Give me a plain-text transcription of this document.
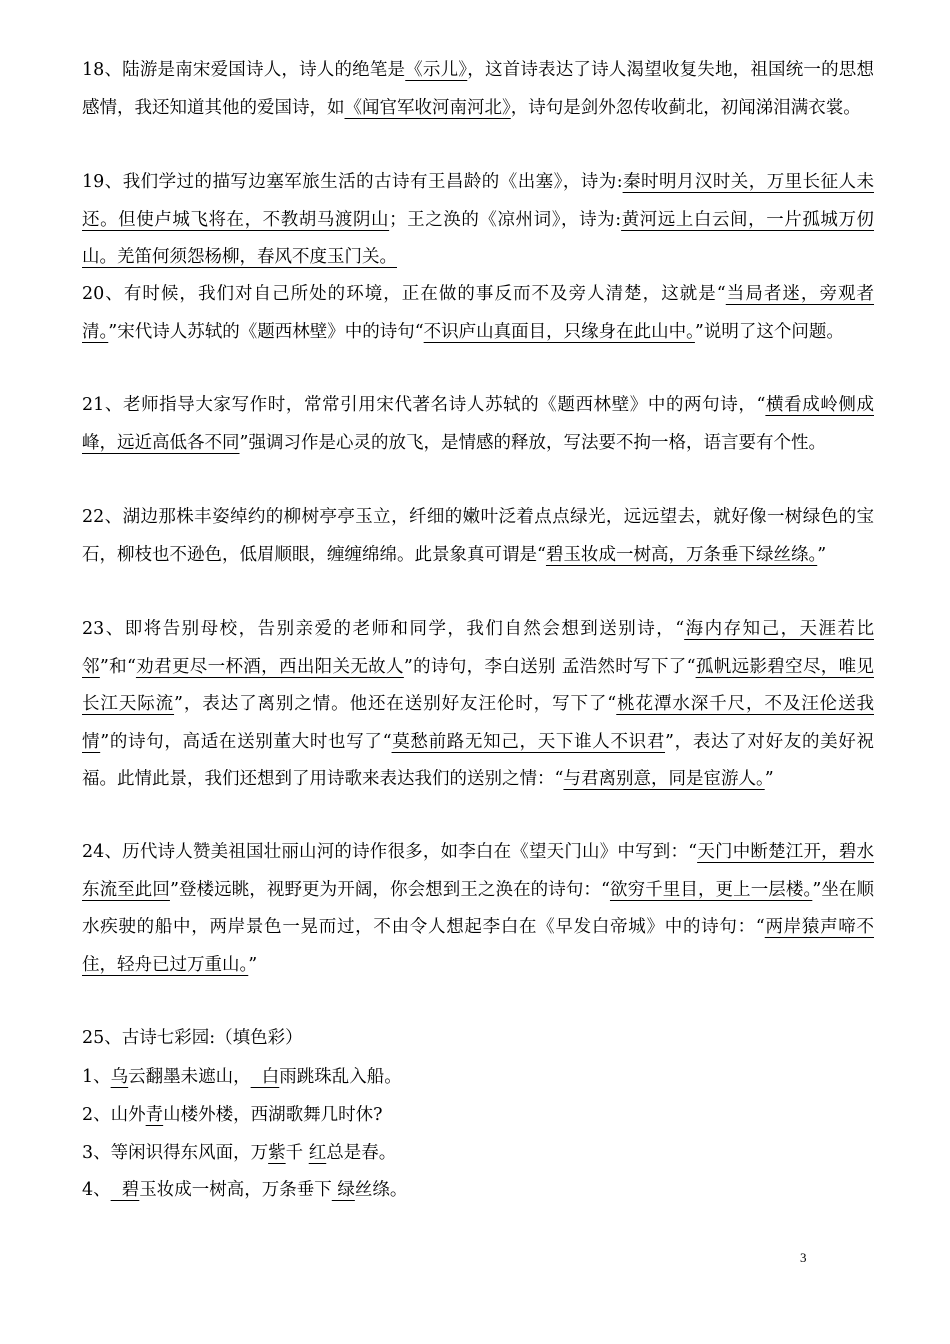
18、陆游是南宋爱国诗人，诗人的绝笔是《示儿》，这首诗表达了诗人渴望收复失地，祖国统一的思想感情，我还知道其他的爱国诗，如《闻官军收河南河北》，诗句是剑外忽传收蓟北，初闻涕泪满衣裳。

19、我们学过的描写边塞军旅生活的古诗有王昌龄的《出塞》，诗为:秦时明月汉时关，万里长征人未还。但使卢城飞将在，不教胡马渡阴山；王之涣的《凉州词》，诗为:黄河远上白云间，一片孤城万仞山。羌笛何须怨杨柳，春风不度玉门关。

20、有时候，我们对自己所处的环境，正在做的事反而不及旁人清楚，这就是“当局者迷，旁观者清。”宋代诗人苏轼的《题西林壁》中的诗句“不识庐山真面目，只缘身在此山中。”说明了这个问题。

21、老师指导大家写作时，常常引用宋代著名诗人苏轼的《题西林壁》中的两句诗，“横看成岭侧成峰，远近高低各不同”强调习作是心灵的放飞，是情感的释放，写法要不拘一格，语言要有个性。

22、湖边那株丰姿绰约的柳树亭亭玉立，纤细的嫩叶泛着点点绿光，远远望去，就好像一树绿色的宝石，柳枝也不逊色，低眉顺眼，缠缠绵绵。此景象真可谓是“碧玉妆成一树高，万条垂下绿丝绦。”

23、即将告别母校，告别亲爱的老师和同学，我们自然会想到送别诗，“海内存知己，天涯若比邻”和“劝君更尽一杯酒，西出阳关无故人”的诗句，李白送别 孟浩然时写下了“孤帆远影碧空尽，唯见长江天际流”，表达了离别之情。他还在送别好友汪伦时，写下了“桃花潭水深千尺，不及汪伦送我情”的诗句，高适在送别董大时也写了“莫愁前路无知己，天下谁人不识君”，表达了对好友的美好祝福。此情此景，我们还想到了用诗歌来表达我们的送别之情：“与君离别意，同是宦游人。”

24、历代诗人赞美祖国壮丽山河的诗作很多，如李白在《望天门山》中写到：“天门中断楚江开，碧水东流至此回”登楼远眺，视野更为开阔，你会想到王之涣在的诗句：“欲穷千里目，更上一层楼。”坐在顺水疾驶的船中，两岸景色一晃而过，不由令人想起李白在《早发白帝城》中的诗句：“两岸猿声啼不住，轻舟已过万重山。”

25、古诗七彩园:（填色彩）

1、乌云翻墨未遮山，  白雨跳珠乱入船。

2、山外青山楼外楼，西湖歌舞几时休?

3、等闲识得东风面，万紫千 红总是春。

4、  碧玉妆成一树高，万条垂下 绿丝绦。

3
